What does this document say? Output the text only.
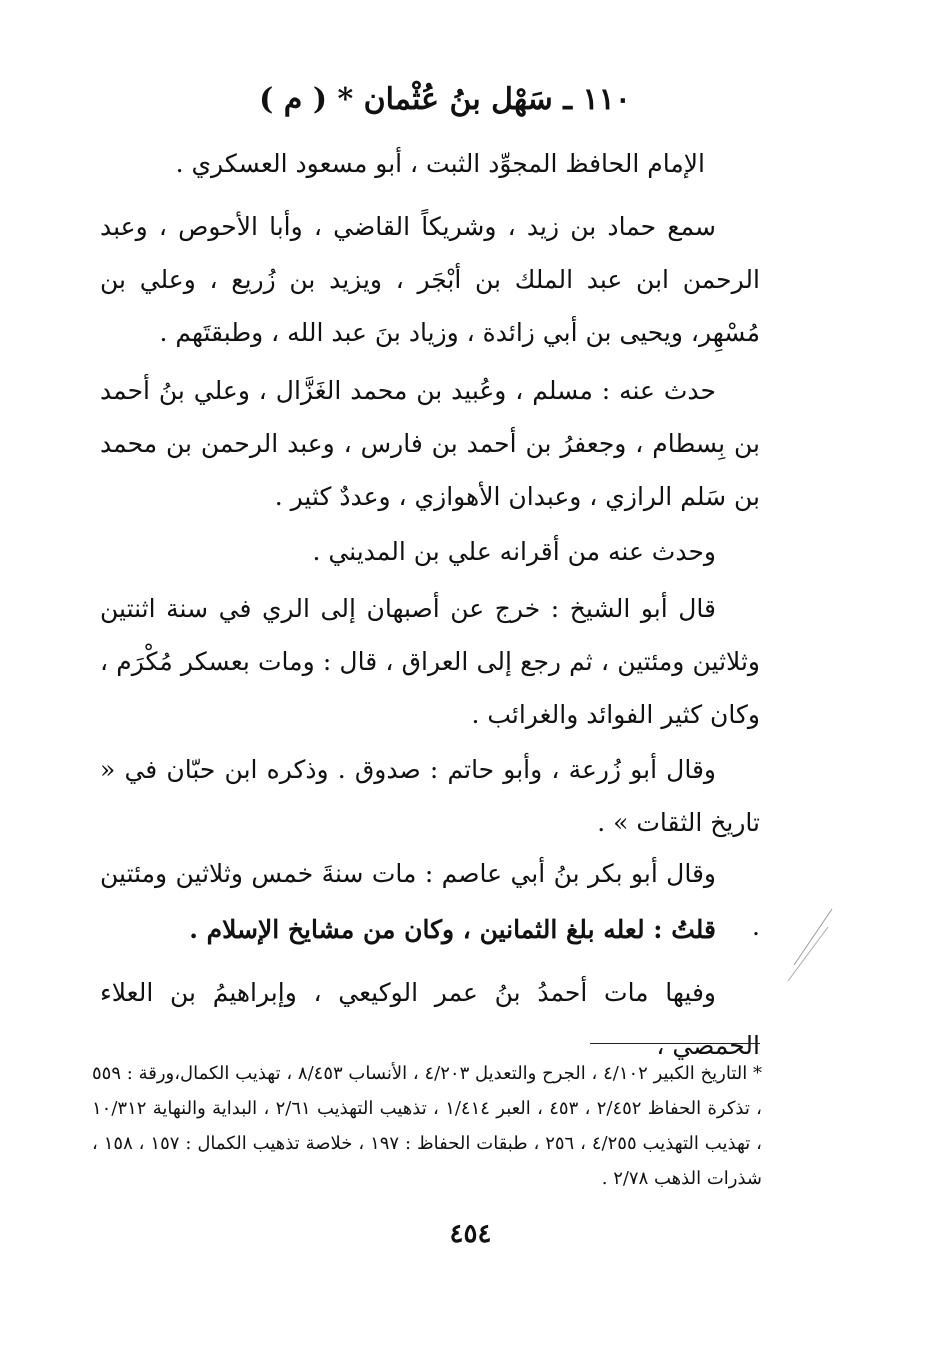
١١٠ ـ سَهْل بنُ عُثْمان * ( م )
الإمام الحافظ المجوِّد الثبت ، أبو مسعود العسكري .
سمع حماد بن زيد ، وشريكاً القاضي ، وأبا الأحوص ، وعبد الرحمن ابن عبد الملك بن أبْجَر ، ويزيد بن زُريع ، وعلي بن مُسْهِر، ويحيى بن أبي زائدة ، وزياد بنَ عبد الله ، وطبقتَهم .
حدث عنه : مسلم ، وعُبيد بن محمد الغَزَّال ، وعلي بنُ أحمد بن بِسطام ، وجعفرُ بن أحمد بن فارس ، وعبد الرحمن بن محمد بن سَلم الرازي ، وعبدان الأهوازي ، وعددٌ كثير .
وحدث عنه من أقرانه علي بن المديني .
قال أبو الشيخ : خرج عن أصبهان إلى الري في سنة اثنتين وثلاثين ومئتين ، ثم رجع إلى العراق ، قال : ومات بعسكر مُكْرَم ، وكان كثير الفوائد والغرائب .
وقال أبو زُرعة ، وأبو حاتم : صدوق . وذكره ابن حبّان في « تاريخ الثقات » .
وقال أبو بكر بنُ أبي عاصم : مات سنةَ خمس وثلاثين ومئتين .
قلتُ : لعله بلغ الثمانين ، وكان من مشايخ الإسلام .
وفيها مات أحمدُ بنُ عمر الوكيعي ، وإبراهيمُ بن العلاء الحمصي ،
* التاريخ الكبير ٤/١٠٢ ، الجرح والتعديل ٤/٢٠٣ ، الأنساب ٨/٤٥٣ ، تهذيب الكمال،ورقة : ٥٥٩ ، تذكرة الحفاظ ٢/٤٥٢ ، ٤٥٣ ، العبر ١/٤١٤ ، تذهيب التهذيب ٢/٦١ ، البداية والنهاية ١٠/٣١٢ ، تهذيب التهذيب ٤/٢٥٥ ، ٢٥٦ ، طبقات الحفاظ : ١٩٧ ، خلاصة تذهيب الكمال : ١٥٧ ، ١٥٨ ، شذرات الذهب ٢/٧٨ .
٤٥٤
